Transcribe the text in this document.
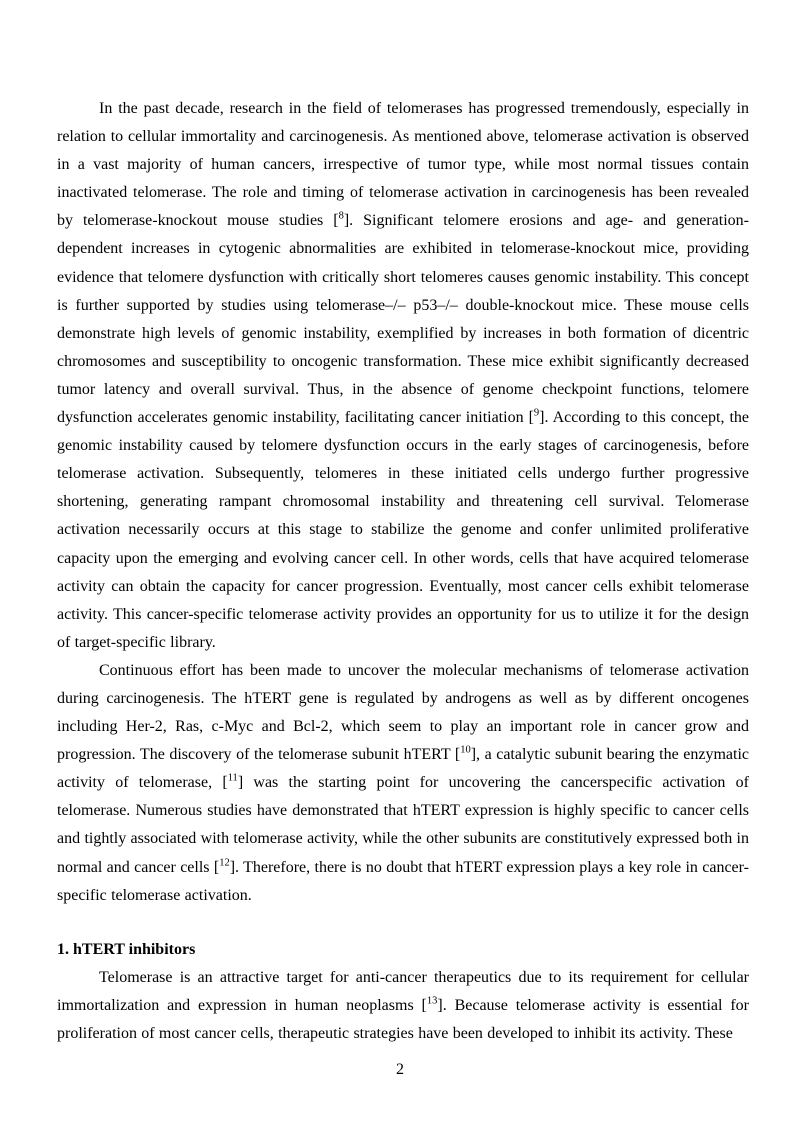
In the past decade, research in the field of telomerases has progressed tremendously, especially in relation to cellular immortality and carcinogenesis. As mentioned above, telomerase activation is observed in a vast majority of human cancers, irrespective of tumor type, while most normal tissues contain inactivated telomerase. The role and timing of telomerase activation in carcinogenesis has been revealed by telomerase-knockout mouse studies [$^8$]. Significant telomere erosions and age- and generation-dependent increases in cytogenic abnormalities are exhibited in telomerase-knockout mice, providing evidence that telomere dysfunction with critically short telomeres causes genomic instability. This concept is further supported by studies using telomerase–/– p53–/– double-knockout mice. These mouse cells demonstrate high levels of genomic instability, exemplified by increases in both formation of dicentric chromosomes and susceptibility to oncogenic transformation. These mice exhibit significantly decreased tumor latency and overall survival. Thus, in the absence of genome checkpoint functions, telomere dysfunction accelerates genomic instability, facilitating cancer initiation [$^9$]. According to this concept, the genomic instability caused by telomere dysfunction occurs in the early stages of carcinogenesis, before telomerase activation. Subsequently, telomeres in these initiated cells undergo further progressive shortening, generating rampant chromosomal instability and threatening cell survival. Telomerase activation necessarily occurs at this stage to stabilize the genome and confer unlimited proliferative capacity upon the emerging and evolving cancer cell. In other words, cells that have acquired telomerase activity can obtain the capacity for cancer progression. Eventually, most cancer cells exhibit telomerase activity. This cancer-specific telomerase activity provides an opportunity for us to utilize it for the design of target-specific library.

Continuous effort has been made to uncover the molecular mechanisms of telomerase activation during carcinogenesis. The hTERT gene is regulated by androgens as well as by different oncogenes including Her-2, Ras, c-Myc and Bcl-2, which seem to play an important role in cancer grow and progression. The discovery of the telomerase subunit hTERT [$^{10}$], a catalytic subunit bearing the enzymatic activity of telomerase, [$^{11}$] was the starting point for uncovering the cancerspecific activation of telomerase. Numerous studies have demonstrated that hTERT expression is highly specific to cancer cells and tightly associated with telomerase activity, while the other subunits are constitutively expressed both in normal and cancer cells [$^{12}$]. Therefore, there is no doubt that hTERT expression plays a key role in cancer-specific telomerase activation.

1. hTERT inhibitors

Telomerase is an attractive target for anti-cancer therapeutics due to its requirement for cellular immortalization and expression in human neoplasms [$^{13}$]. Because telomerase activity is essential for proliferation of most cancer cells, therapeutic strategies have been developed to inhibit its activity. These

2
